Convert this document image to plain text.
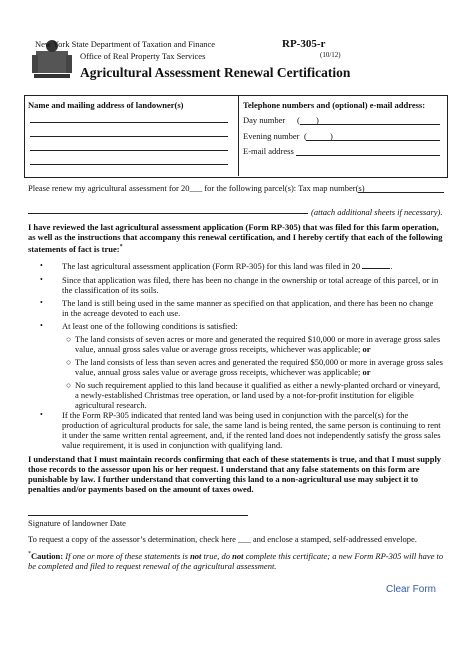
New York State Department of Taxation and Finance
Office of Real Property Tax Services
RP-305-r
(10/12)
Agricultural Assessment Renewal Certification
Name and mailing address of landowner(s)	Telephone numbers and (optional) e-mail address:
Day number ( )
Evening number (	)
E-mail address
Please renew my agricultural assessment for 20___ for the following parcel(s): Tax map number(s)
(attach additional sheets if necessary).
I have reviewed the last agricultural assessment application (Form RP-305) that was filed for this farm operation, as well as the instructions that accompany this renewal certification, and I hereby certify that each of the following statements of fact is true:*
• The last agricultural assessment application (Form RP-305) for this land was filed in 20	.
• Since that application was filed, there has been no change in the ownership or total acreage of this parcel, or in the classification of its soils.
• The land is still being used in the same manner as specified on that application, and there has been no change in the acreage devoted to each use.
• At least one of the following conditions is satisfied:
○ The land consists of seven acres or more and generated the required $10,000 or more in average gross sales value, annual gross sales value or average gross receipts, whichever was applicable; or
○ The land consists of less than seven acres and generated the required $50,000 or more in average gross sales value, annual gross sales value or average gross receipts, whichever was applicable; or
○ No such requirement applied to this land because it qualified as either a newly-planted orchard or vineyard, a newly-established Christmas tree operation, or land used by a not-for-profit institution for eligible agricultural research.
• If the Form RP-305 indicated that rented land was being used in conjunction with the parcel(s) for the production of agricultural products for sale, the same land is being rented, the same person is continuing to rent it under the same written rental agreement, and, if the rented land does not independently satisfy the gross sales value requirement, it is used in conjunction with qualifying land.
I understand that I must maintain records confirming that each of these statements is true, and that I must supply those records to the assessor upon his or her request. I understand that any false statements on this form are punishable by law. I further understand that converting this land to a non-agricultural use may subject it to penalties and/or payments based on the amount of taxes owed.
Signature of landowner Date
To request a copy of the assessor’s determination, check here ___ and enclose a stamped, self-addressed envelope.
*Caution: If one or more of these statements is not true, do not complete this certificate; a new Form RP-305 will have to be completed and filed to request renewal of the agricultural assessment.
Clear Form
